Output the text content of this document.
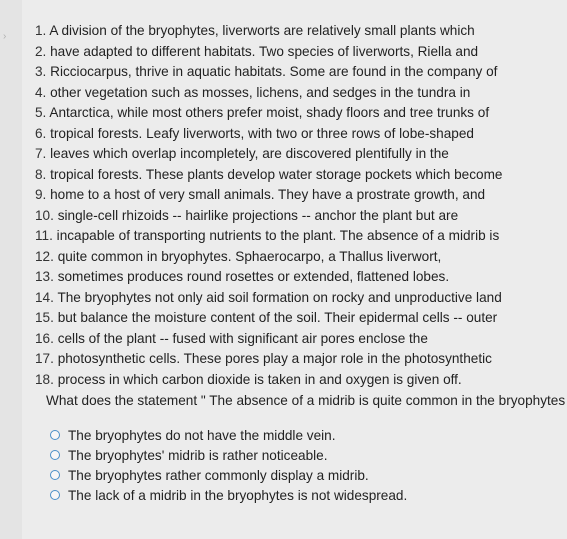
› 1. A division of the bryophytes, liverworts are relatively small plants which
2. have adapted to different habitats. Two species of liverworts, Riella and
3. Ricciocarpus, thrive in aquatic habitats. Some are found in the company of
4. other vegetation such as mosses, lichens, and sedges in the tundra in
5. Antarctica, while most others prefer moist, shady floors and tree trunks of
6. tropical forests. Leafy liverworts, with two or three rows of lobe-shaped
7. leaves which overlap incompletely, are discovered plentifully in the
8. tropical forests. These plants develop water storage pockets which become
9. home to a host of very small animals. They have a prostrate growth, and
10. single-cell rhizoids -- hairlike projections -- anchor the plant but are
11. incapable of transporting nutrients to the plant. The absence of a midrib is
12. quite common in bryophytes. Sphaerocarpo, a Thallus liverwort,
13. sometimes produces round rosettes or extended, flattened lobes.
14. The bryophytes not only aid soil formation on rocky and unproductive land
15. but balance the moisture content of the soil. Their epidermal cells -- outer
16. cells of the plant -- fused with significant air pores enclose the
17. photosynthetic cells. These pores play a major role in the photosynthetic
18. process in which carbon dioxide is taken in and oxygen is given off.
What does the statement " The absence of a midrib is quite common in the bryophytes
The bryophytes do not have the middle vein.
The bryophytes' midrib is rather noticeable.
The bryophytes rather commonly display a midrib.
The lack of a midrib in the bryophytes is not widespread.
